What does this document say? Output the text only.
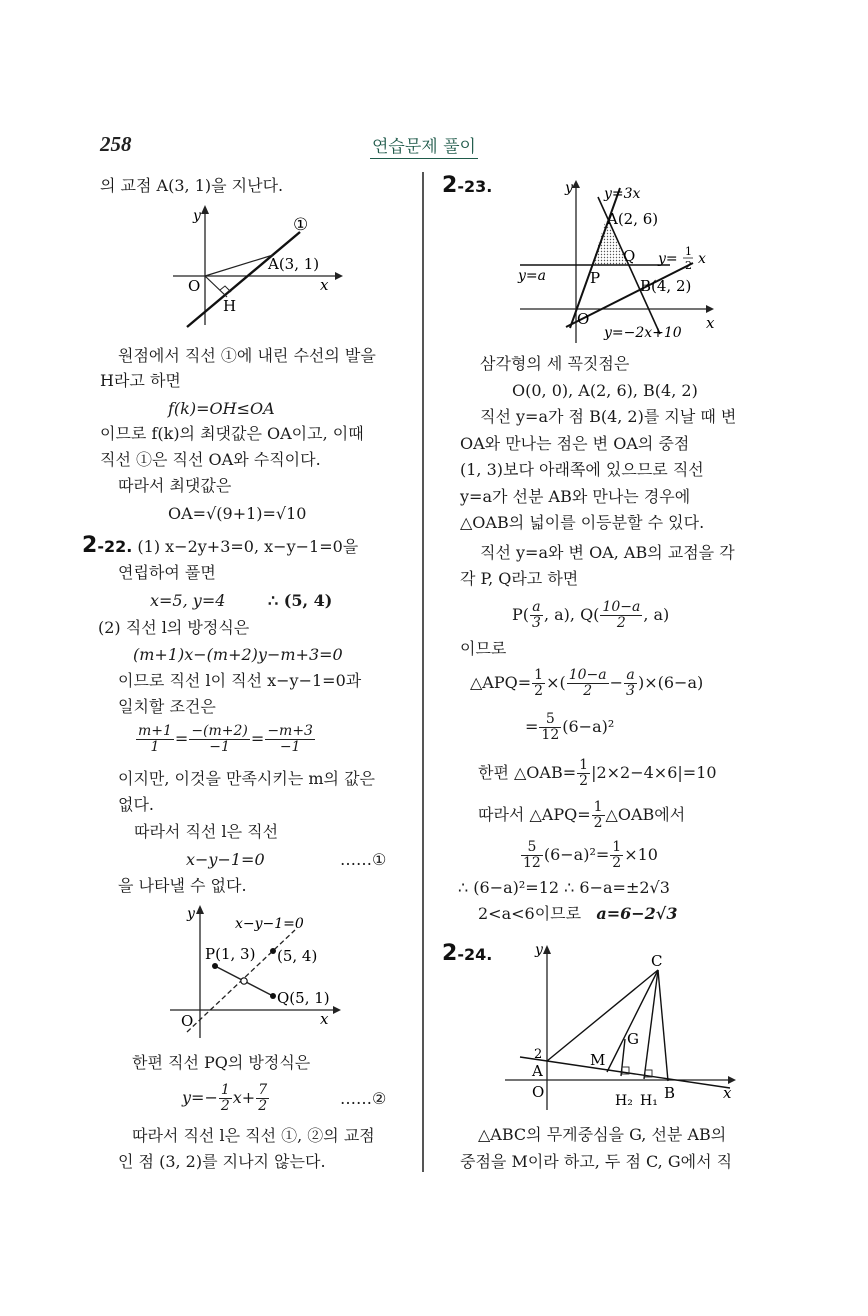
258	연습문제 풀이
의 교점 A(3, 1)을 지난다.
y
x
O
H
A(3, 1)
①
원점에서 직선 ①에 내린 수선의 발을
H라고 하면
f(k)=OH≤OA
이므로 f(k)의 최댓값은 OA이고, 이때
직선 ①은 직선 OA와 수직이다.
따라서 최댓값은
OA=√(9+1)=√10
2-22. (1) x−2y+3=0, x−y−1=0을
연립하여 풀면
x=5, y=4	∴ (5, 4)
(2) 직선 l의 방정식은
(m+1)x−(m+2)y−m+3=0
이므로 직선 l이 직선 x−y−1=0과
일치할 조건은
$\frac{m+1}{1} = \frac{-(m+2)}{-1} = \frac{-m+3}{-1}$
이지만, 이것을 만족시키는 m의 값은
없다.
따라서 직선 l은 직선
x−y−1=0	……①
을 나타낼 수 없다.
y
x
O
x−y−1=0
P(1, 3) (5, 4)
Q(5, 1)
한편 직선 PQ의 방정식은
$y=- \frac{1}{2} x+ \frac{7}{2}$	……②
따라서 직선 l은 직선 ①, ②의 교점
인 점 (3, 2)를 지나지 않는다.
2-23.	y
x
O
y=3x
A(2, 6)
Q y= 1
2 x
y=a	P	B(4, 2)
y=−2x+10
삼각형의 세 꼭짓점은
O(0, 0), A(2, 6), B(4, 2)
직선 y=a가 점 B(4, 2)를 지날 때 변
OA와 만나는 점은 변 OA의 중점
(1, 3)보다 아래쪽에 있으므로 직선
y=a가 선분 AB와 만나는 경우에
△OAB의 넓이를 이등분할 수 있다.
직선 y=a와 변 OA, AB의 교점을 각
각 P, Q라고 하면
$P( \frac{a}{3}$ , a), $Q( \frac{10-a}{2}$ , a)
이므로
△APQ= $\frac{1}{2}$ ×( $\frac{10-a}{2} - \frac{a}{3} )\times(6-a)$
= $\frac{5}{12} (6-a)^2$
한편 △OAB= $\frac{1}{2} |2\times 2-4\times 6|=10$
따라서 △APQ= $\frac{1}{2}$ △OAB에서
$\frac{5}{12} (6-a)^2= \frac{1}{2} \times 10$
∴ (6−a)²=12 ∴ 6−a=±2√3
2<a<6이므로 a=6−2√3
2-24.	y
x
O
A
2
C
G
M
B
H₂ H₁
△ABC의 무게중심을 G, 선분 AB의
중점을 M이라 하고, 두 점 C, G에서 직
